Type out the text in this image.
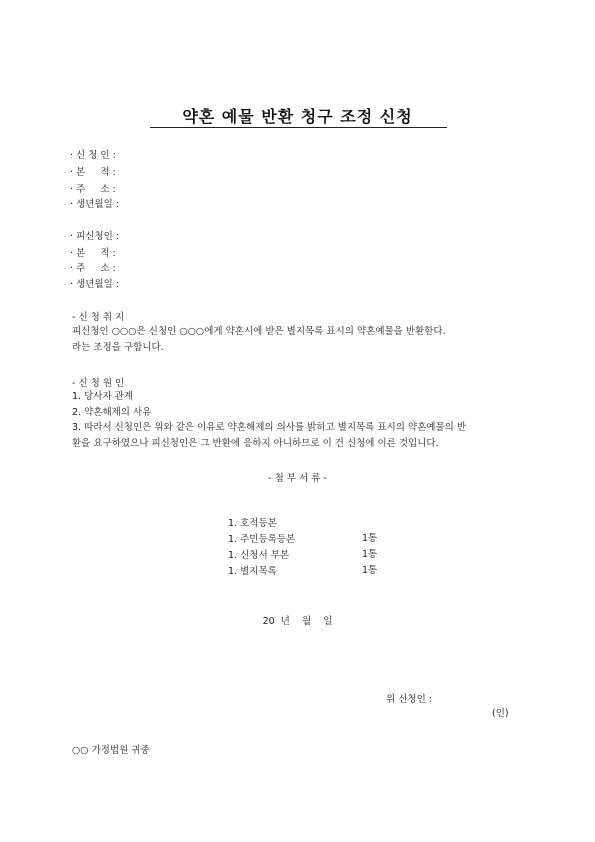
약혼 예물 반환 청구 조정 신청
· 신 청 인 :
· 본     적 :
· 주     소 :
· 생년월일 :
· 피신청인 :
· 본     적 :
· 주     소 :
· 생년월일 :
- 신 청 취 지
피신청인 ○○○은 신청인 ○○○에게 약혼시에 받은 별지목록 표시의 약혼예물을 반환한다.
라는 조정을 구합니다.
- 신 청 원 인
1. 당사자 관계
2. 약혼해제의 사유
3. 따라서 신청인은 위와 같은 이유로 약혼해제의 의사를 밝히고 별지목록 표시의 약혼예물의 반
환을 요구하였으나 피신청인은 그 반환에 응하지 아니하므로 이 건 신청에 이른 것입니다.
- 첨 부 서 류 -

1. 호적등본

1통

1. 주민등록등본

1통

1. 신청서 부본

1통

1. 별지목록

20  년    월    일

위 신청인 :

(인)

○○ 가정법원 귀중
